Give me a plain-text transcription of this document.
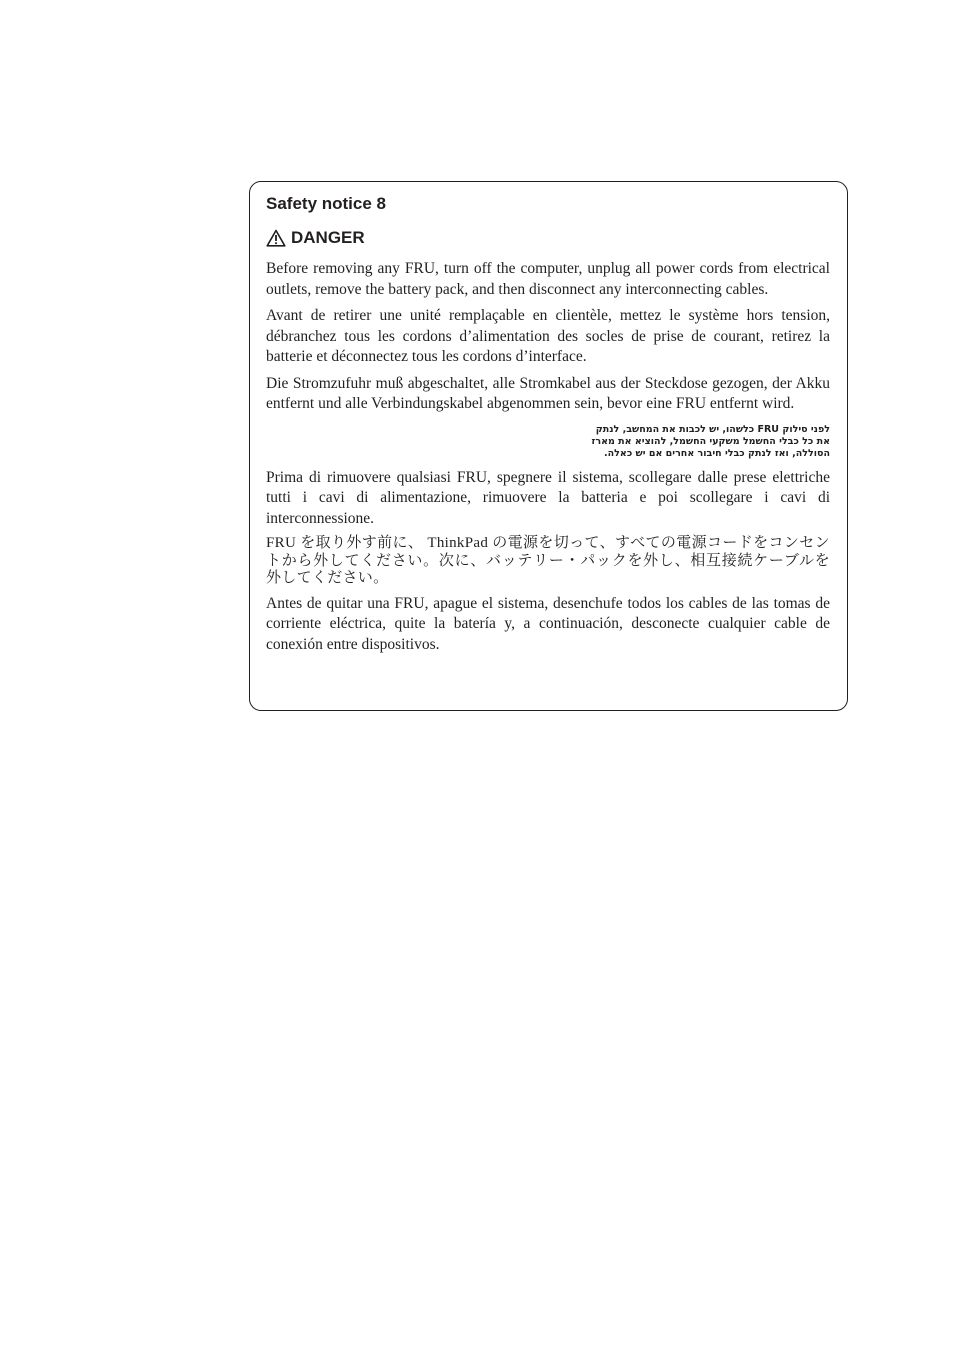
Safety notice 8
DANGER

Before removing any FRU, turn off the computer, unplug all power cords from electrical outlets, remove the battery pack, and then disconnect any interconnecting cables.

Avant de retirer une unité remplaçable en clientèle, mettez le système hors tension, débranchez tous les cordons d’alimentation des socles de prise de courant, retirez la batterie et déconnectez tous les cordons d’interface.

Die Stromzufuhr muß abgeschaltet, alle Stromkabel aus der Steckdose gezogen, der Akku entfernt und alle Verbindungskabel abgenommen sein, bevor eine FRU entfernt wird.

לפני סילוק FRU כלשהו, יש לכבות את המחשב, לנתק את כל כבלי החשמל משקעי החשמל, להוציא את מארז הסוללה, ואז לנתק כבלי חיבור אחרים אם יש כאלה.

Prima di rimuovere qualsiasi FRU, spegnere il sistema, scollegare dalle prese elettriche tutti i cavi di alimentazione, rimuovere la batteria e poi scollegare i cavi di interconnessione.

FRU を取り外す前に、 ThinkPad の電源を切って、すべての電源コードをコンセントから外してください。次に、バッテリー・パックを外し、相互接続ケーブルを外してください。

Antes de quitar una FRU, apague el sistema, desenchufe todos los cables de las tomas de corriente eléctrica, quite la batería y, a continuación, desconecte cualquier cable de conexión entre dispositivos.
